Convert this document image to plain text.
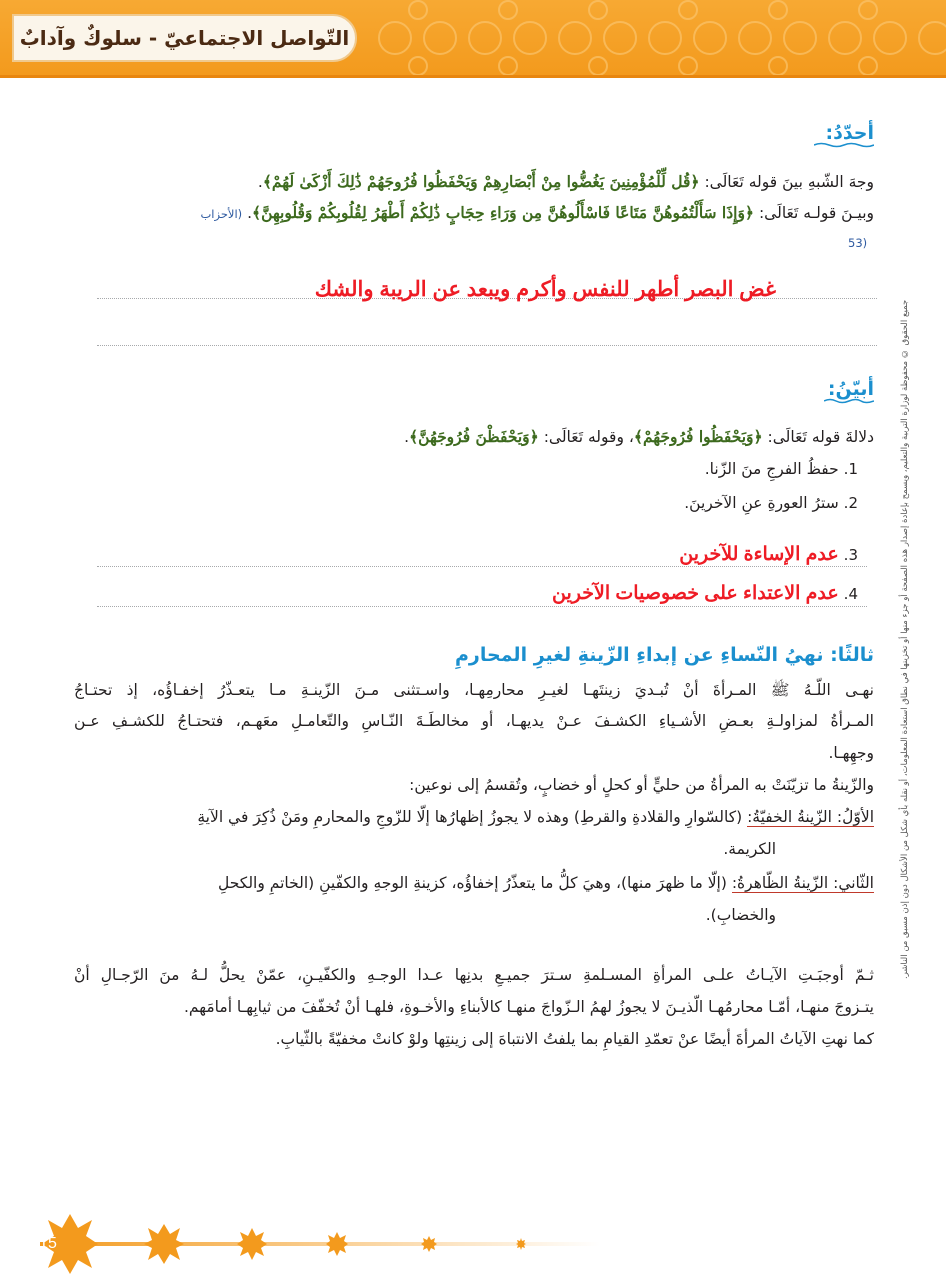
التّواصل الاجتماعيّ - سلوكٌ وآدابٌ
أحدّدُ:
وجهَ الشّبهِ بينَ قوله تَعَالَى: ﴿قُل لِّلْمُؤْمِنِينَ يَغُضُّوا مِنْ أَبْصَارِهِمْ وَيَحْفَظُوا فُرُوجَهُمْ ذَٰلِكَ أَزْكَىٰ لَهُمْ﴾.
وبيـنَ قولـه تَعَالَى: ﴿وَإِذَا سَأَلْتُمُوهُنَّ مَتَاعًا فَاسْأَلُوهُنَّ مِن وَرَاءِ حِجَابٍ ذَٰلِكُمْ أَطْهَرُ لِقُلُوبِكُمْ وَقُلُوبِهِنَّ﴾. (الأحزاب
(53
غض البصر أطهر للنفس وأكرم ويبعد عن الريبة والشك
أبيّنُ:
دلالةَ قوله تَعَالَى: ﴿وَيَحْفَظُوا فُرُوجَهُمْ﴾، وقوله تَعَالَى: ﴿وَيَحْفَظْنَ فُرُوجَهُنَّ﴾.
1. حفظُ الفرجِ منَ الزّنا.
2. سترُ العورةِ عنِ الآخرينَ.
3. عدم الإساءة للآخرين
4. عدم الاعتداء على خصوصيات الآخرين
ثالثًا: نهيُ النّساءِ عن إبداءِ الزّينةِ لغيرِ المحارمِ
نهـى اللّـهُ ﷺ المـرأةَ أنْ تُبـديَ زينتَهـا لغيـرِ محارمِهـا، واسـتثنى مـنَ الزّينـةِ مـا يتعـذّرُ إخفـاؤُه، إذ تحتـاجُ
المـرأةُ لمزاولـةِ بعـضِ الأشـياءِ الكشـفَ عـنْ يديهـا، أو مخالطَـةَ النّـاسِ والتّعامـلِ معَهـم، فتحتـاجُ للكشـفِ عـن
وجهِهـا.
والزّينةُ ما تزيّنَتْ به المرأةُ من حليٍّ أو كحلٍ أو خضابٍ، وتُقسمُ إلى نوعين:
الأوّلُ: الزّينةُ الخفيّةُ: (كالسّوارِ والقلادةِ والقرطِ) وهذه لا يجوزُ إظهارُها إلّا للزّوجِ والمحارمِ ومَنْ ذُكِرَ في الآيةِ
الكريمة.
الثّاني: الزّينةُ الظّاهرةُ: (إلّا ما ظهرَ منها)، وهيَ كلُّ ما يتعذّرُ إخفاؤُه، كزينةِ الوجهِ والكفّينِ (الخاتمِ والكحلِ
والخضابِ).
ثـمّ أوجبَـتِ الآيـاتُ علـى المرأةِ المسـلمةِ سـترَ جميـعِ بدنِها عـدا الوجـهِ والكفّيـنِ، عمّنْ يحلُّ لـهُ منَ الرّجـالِ أنْ
يتـزوجَ منهـا، أمّـا محارمُهـا الّذيـنَ لا يجوزُ لهمُ الـزّواجَ منهـا كالأبناءِ والأخـوةِ، فلهـا أنْ تُخفّفَ من ثيابِهـا أمامَهم.
كما نهتِ الآياتُ المرأةَ أيضًا عنْ تعمّدِ القيامِ بما يلفتُ الانتباهَ إلى زينتِها ولوْ كانتْ مخفيّةً بالثّيابِ.
جميع الحقوق © محفوظة لوزارة التربية والتعليم، ويسمح بإعادة إصدار هذه الصفحة أو جزء منها أو تخزينها في نطاق استعادة المعلومات، أو نقله بأي شكل من الأشكال دون إذن مسبق من الناشر.
15
